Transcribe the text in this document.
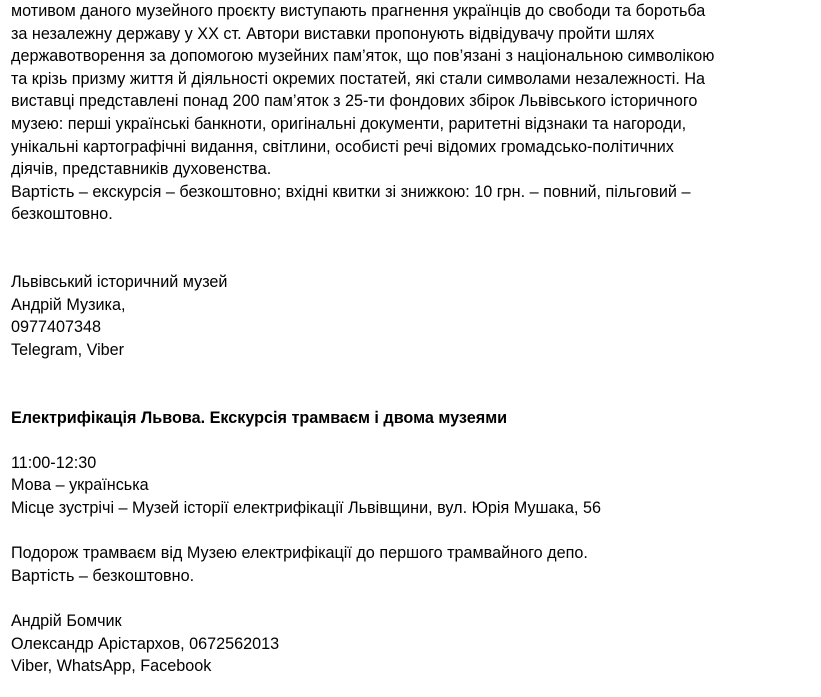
мотивом даного музейного проєкту виступають прагнення українців до свободи та боротьба
за незалежну державу у ХХ ст. Автори виставки пропонують відвідувачу пройти шлях
державотворення за допомогою музейних пам’яток, що пов’язані з національною символікою
та крізь призму життя й діяльності окремих постатей, які стали символами незалежності. На
виставці представлені понад 200 пам’яток з 25-ти фондових збірок Львівського історичного
музею: перші українські банкноти, оригінальні документи, раритетні відзнаки та нагороди,
унікальні картографічні видання, світлини, особисті речі відомих громадсько-політичних
діячів, представників духовенства.
Вартість – екскурсія – безкоштовно; вхідні квитки зі знижкою: 10 грн. – повний, пільговий –
безкоштовно.
Львівський історичний музей
Андрій Музика,
0977407348
Telegram, Viber
Електрифікація Львова. Екскурсія трамваєм і двома музеями
11:00-12:30
Мова – українська
Місце зустрічі – Музей історії електрифікації Львівщини, вул. Юрія Мушака, 56
Подорож трамваєм від Музею електрифікації до першого трамвайного депо.
Вартість – безкоштовно.
Андрій Бомчик
Олександр Арістархов, 0672562013
Viber, WhatsApp, Facebook
